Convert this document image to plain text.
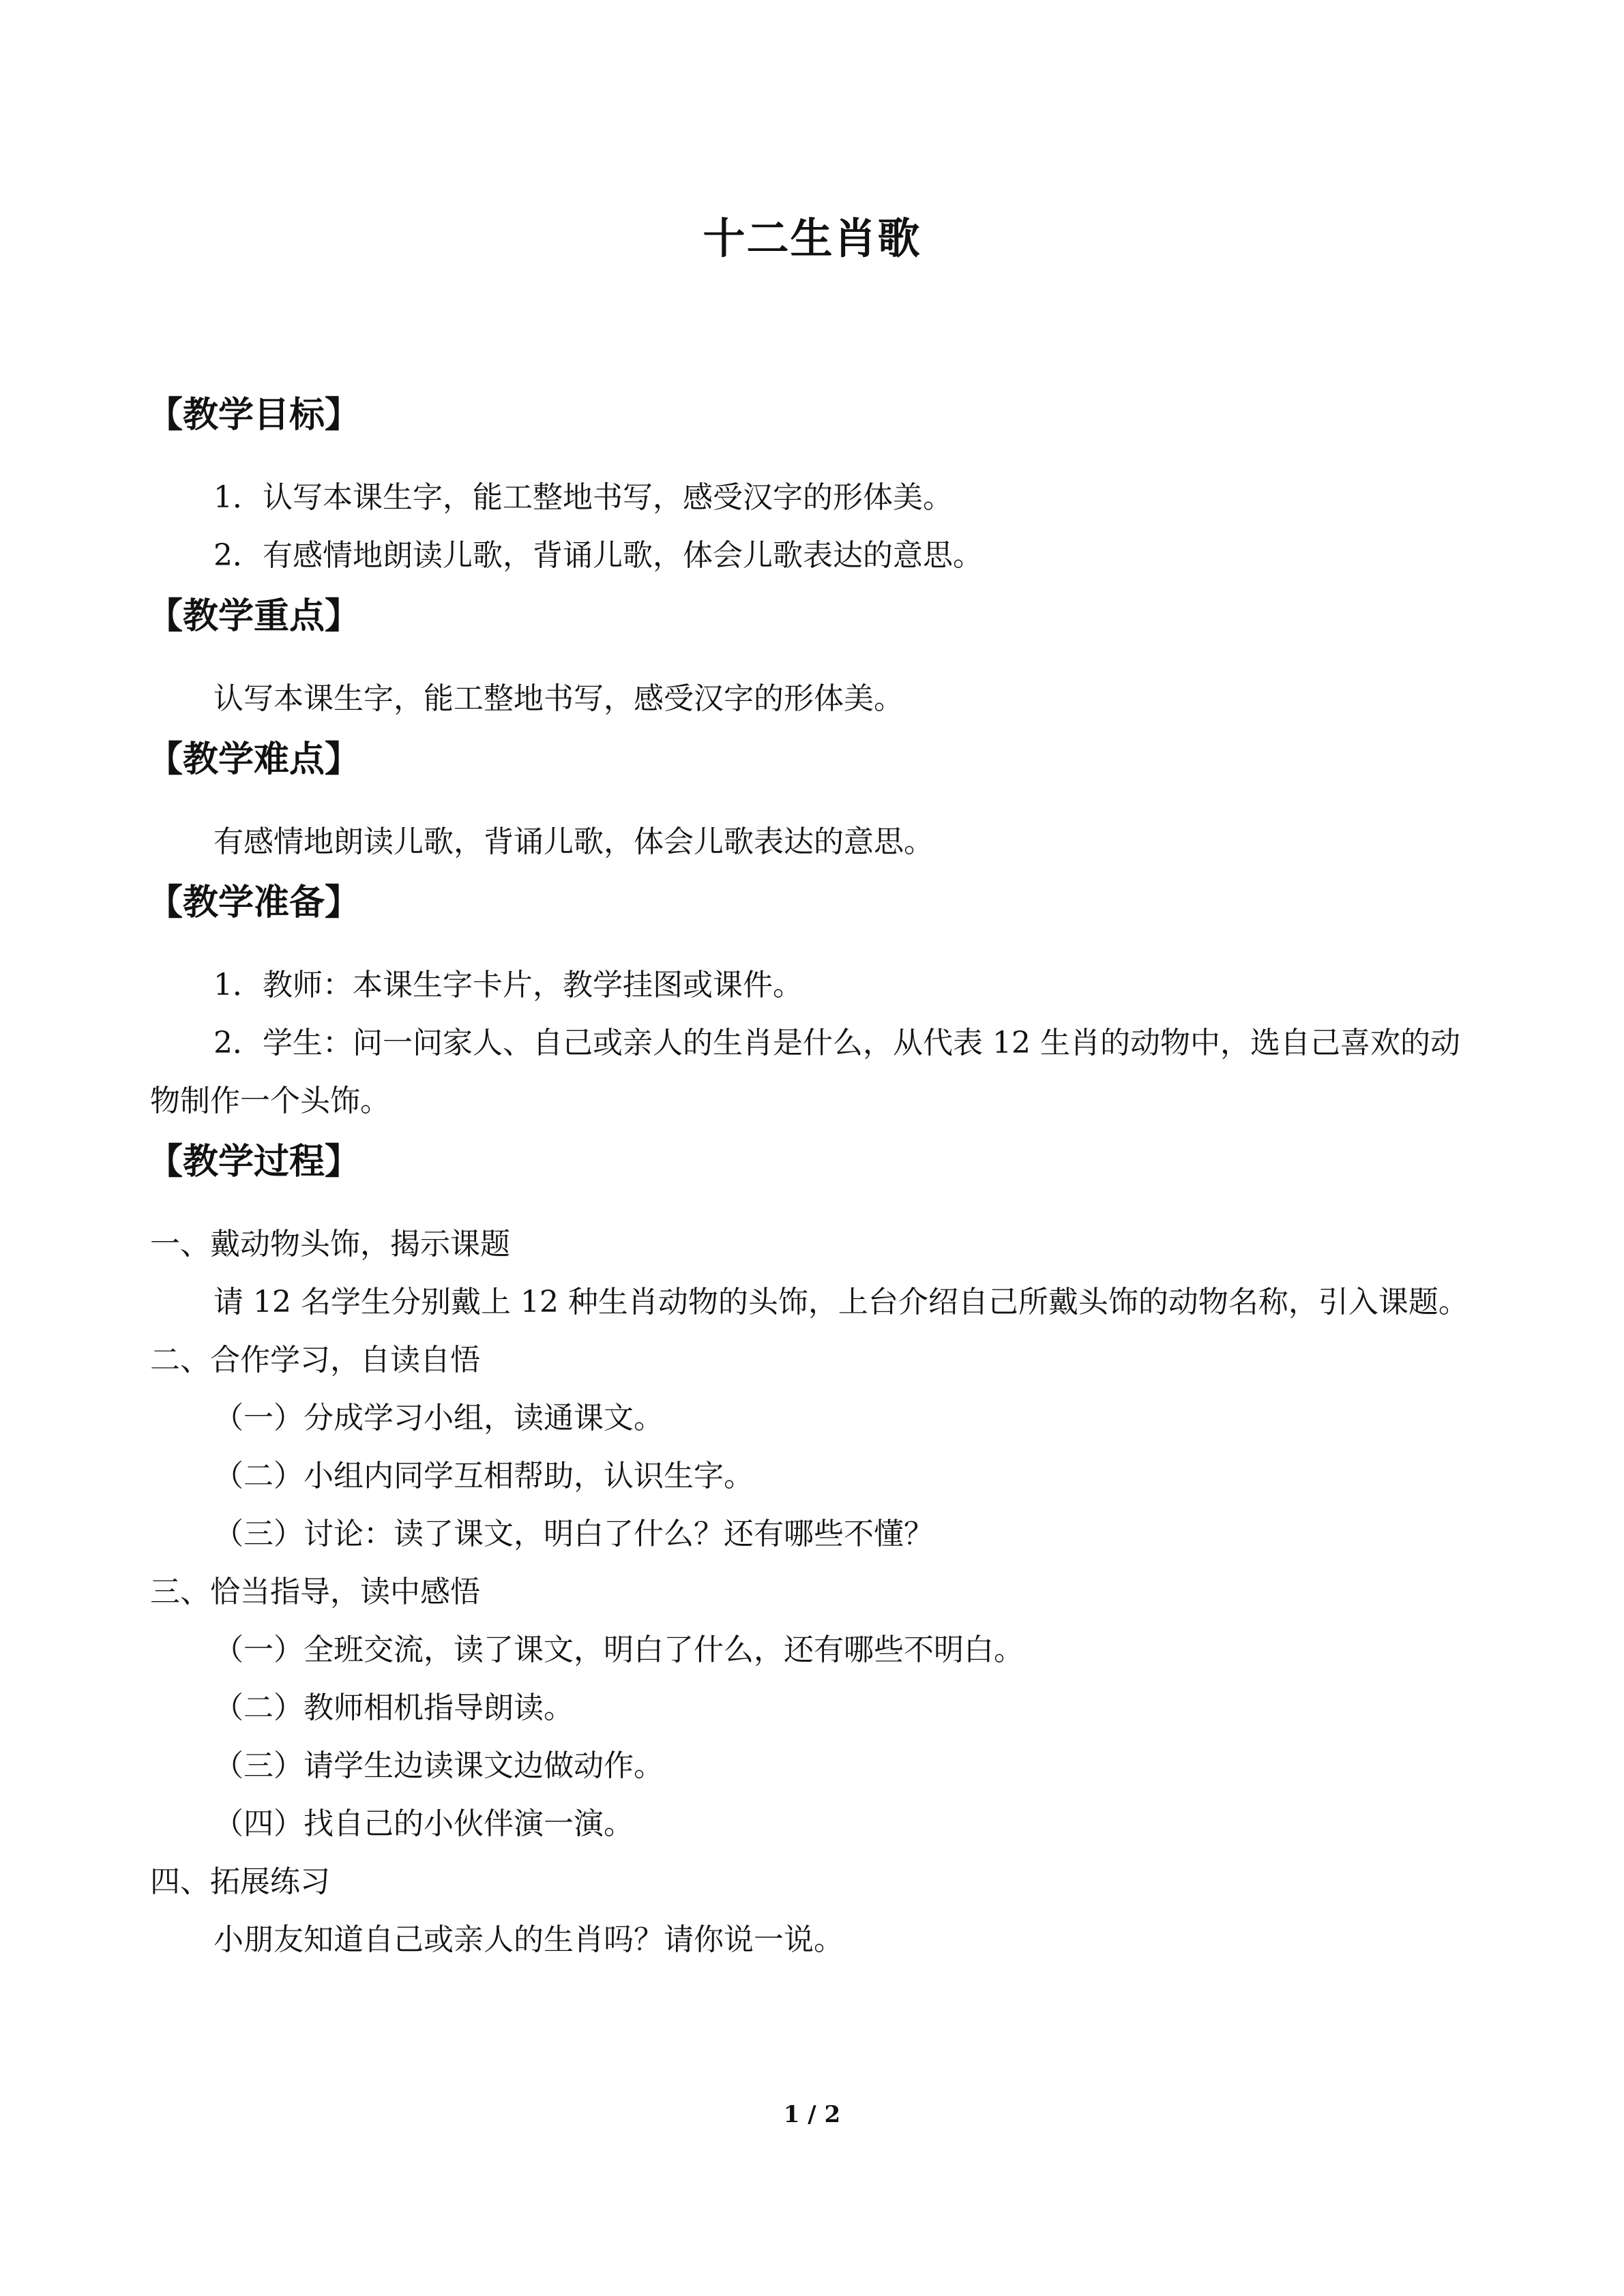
十二生肖歌
【教学目标】

1．认写本课生字，能工整地书写，感受汉字的形体美。

2．有感情地朗读儿歌，背诵儿歌，体会儿歌表达的意思。

【教学重点】

认写本课生字，能工整地书写，感受汉字的形体美。

【教学难点】

有感情地朗读儿歌，背诵儿歌，体会儿歌表达的意思。

【教学准备】

1．教师：本课生字卡片，教学挂图或课件。

2．学生：问一问家人、自己或亲人的生肖是什么，从代表 12 生肖的动物中，选自己喜欢的动物制作一个头饰。

【教学过程】

一、戴动物头饰，揭示课题

请 12 名学生分别戴上 12 种生肖动物的头饰，上台介绍自己所戴头饰的动物名称，引入课题。

二、合作学习，自读自悟

（一）分成学习小组，读通课文。

（二）小组内同学互相帮助，认识生字。

（三）讨论：读了课文，明白了什么？还有哪些不懂？

三、恰当指导，读中感悟

（一）全班交流，读了课文，明白了什么，还有哪些不明白。

（二）教师相机指导朗读。

（三）请学生边读课文边做动作。

（四）找自己的小伙伴演一演。

四、拓展练习

小朋友知道自己或亲人的生肖吗？请你说一说。

1 / 2
